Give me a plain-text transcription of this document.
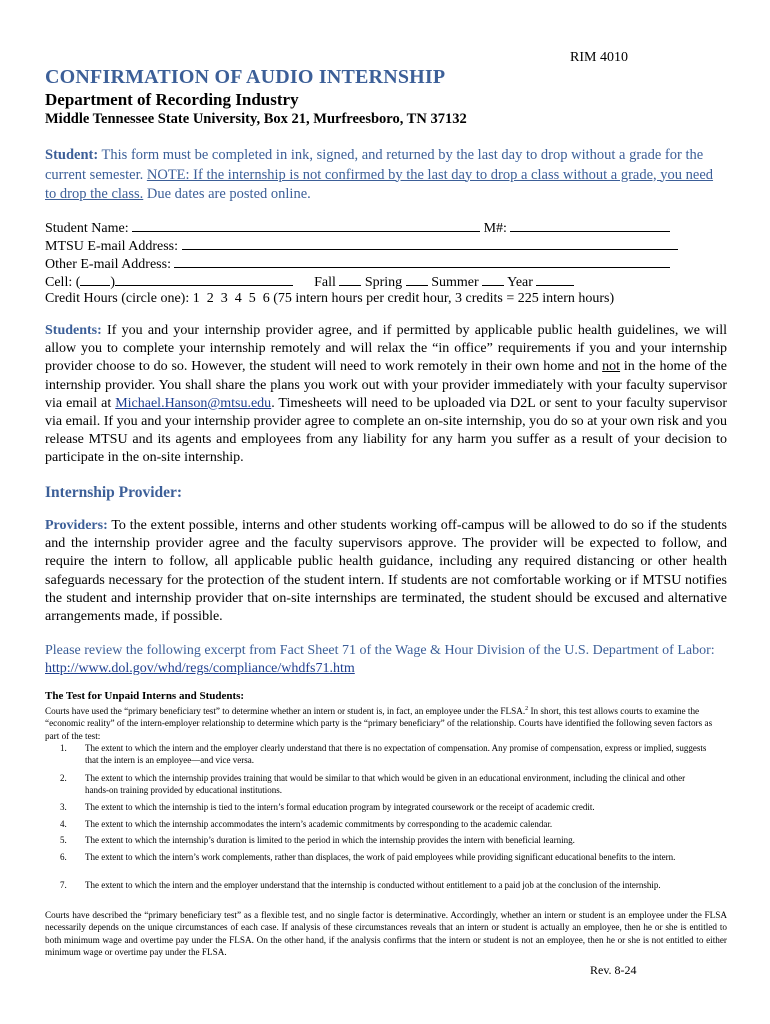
RIM 4010
CONFIRMATION OF AUDIO INTERNSHIP
Department of Recording Industry
Middle Tennessee State University, Box 21, Murfreesboro, TN 37132
Student: This form must be completed in ink, signed, and returned by the last day to drop without a grade for the current semester. NOTE: If the internship is not confirmed by the last day to drop a class without a grade, you need to drop the class. Due dates are posted online.
Student Name:	M#:
MTSU E-mail Address:
Other E-mail Address:
Cell: ( )	Fall Spring Summer Year
Credit Hours (circle one): 1  2  3  4  5  6 (75 intern hours per credit hour, 3 credits = 225 intern hours)
Students: If you and your internship provider agree, and if permitted by applicable public health guidelines, we will allow you to complete your internship remotely and will relax the “in office” requirements if you and your internship provider choose to do so. However, the student will need to work remotely in their own home and not in the home of the internship provider. You shall share the plans you work out with your provider immediately with your faculty supervisor via email at Michael.Hanson@mtsu.edu. Timesheets will need to be uploaded via D2L or sent to your faculty supervisor via email. If you and your internship provider agree to complete an on-site internship, you do so at your own risk and you release MTSU and its agents and employees from any liability for any harm you suffer as a result of your decision to participate in the on-site internship.
Internship Provider:
Providers: To the extent possible, interns and other students working off-campus will be allowed to do so if the students and the internship provider agree and the faculty supervisors approve. The provider will be expected to follow, and require the intern to follow, all applicable public health guidance, including any required distancing or other health safeguards necessary for the protection of the student intern. If students are not comfortable working or if MTSU notifies the student and internship provider that on-site internships are terminated, the student should be excused and alternative arrangements made, if possible.
Please review the following excerpt from Fact Sheet 71 of the Wage & Hour Division of the U.S. Department of Labor: http://www.dol.gov/whd/regs/compliance/whdfs71.htm
The Test for Unpaid Interns and Students:
Courts have used the “primary beneficiary test” to determine whether an intern or student is, in fact, an employee under the FLSA.$^2$ In short, this test allows courts to examine the “economic reality” of the intern-employer relationship to determine which party is the “primary beneficiary” of the relationship. Courts have identified the following seven factors as part of the test:
1. The extent to which the intern and the employer clearly understand that there is no expectation of compensation. Any promise of compensation, express or implied, suggests that the intern is an employee—and vice versa.
2. The extent to which the internship provides training that would be similar to that which would be given in an educational environment, including the clinical and other hands-on training provided by educational institutions.
3. The extent to which the internship is tied to the intern’s formal education program by integrated coursework or the receipt of academic credit.
4. The extent to which the internship accommodates the intern’s academic commitments by corresponding to the academic calendar.
5. The extent to which the internship’s duration is limited to the period in which the internship provides the intern with beneficial learning.
6. The extent to which the intern’s work complements, rather than displaces, the work of paid employees while providing significant educational benefits to the intern.
7. The extent to which the intern and the employer understand that the internship is conducted without entitlement to a paid job at the conclusion of the internship.
Courts have described the “primary beneficiary test” as a flexible test, and no single factor is determinative. Accordingly, whether an intern or student is an employee under the FLSA necessarily depends on the unique circumstances of each case. If analysis of these circumstances reveals that an intern or student is actually an employee, then he or she is entitled to both minimum wage and overtime pay under the FLSA. On the other hand, if the analysis confirms that the intern or student is not an employee, then he or she is not entitled to either minimum wage or overtime pay under the FLSA.
Rev. 8-24
